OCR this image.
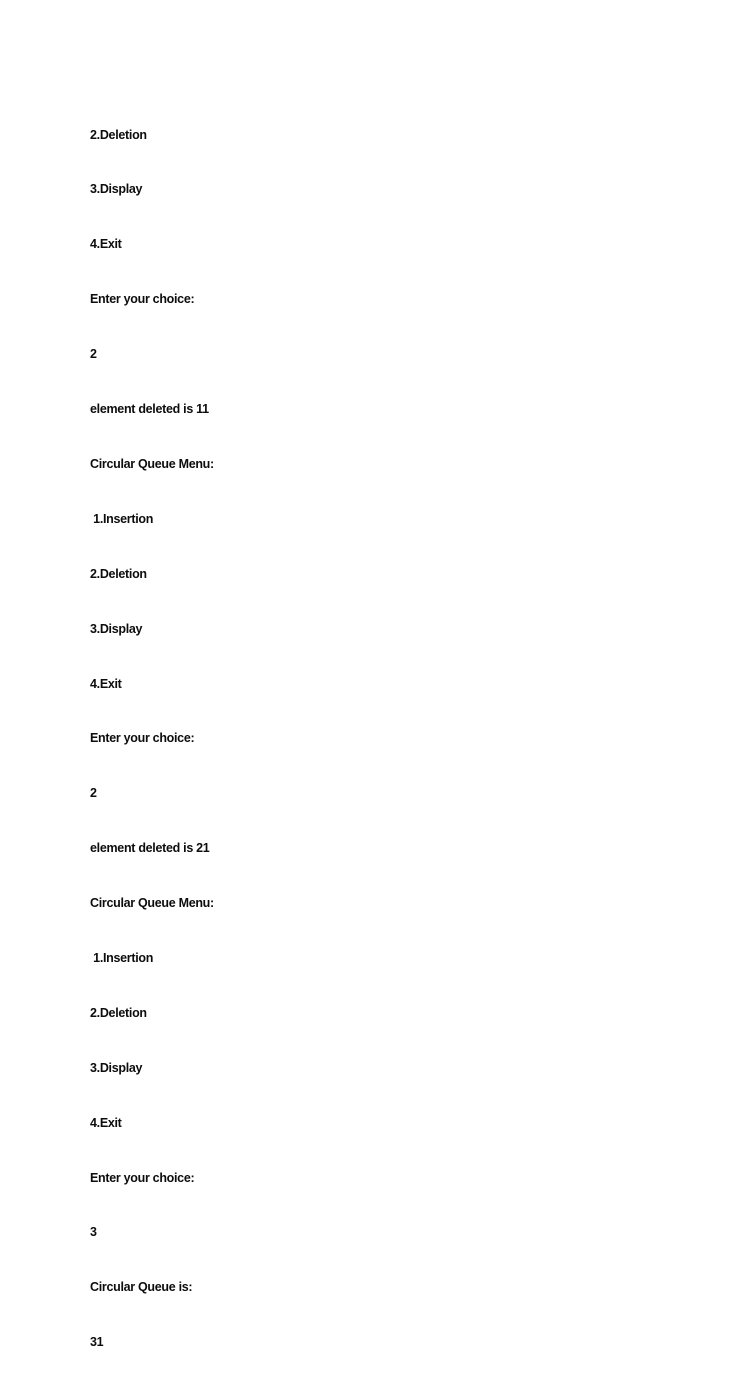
2.Deletion

3.Display

4.Exit

Enter your choice:

2

element deleted is 11

Circular Queue Menu:

1.Insertion

2.Deletion

3.Display

4.Exit

Enter your choice:

2

element deleted is 21

Circular Queue Menu:

1.Insertion

2.Deletion

3.Display

4.Exit

Enter your choice:

3

Circular Queue is:

31
